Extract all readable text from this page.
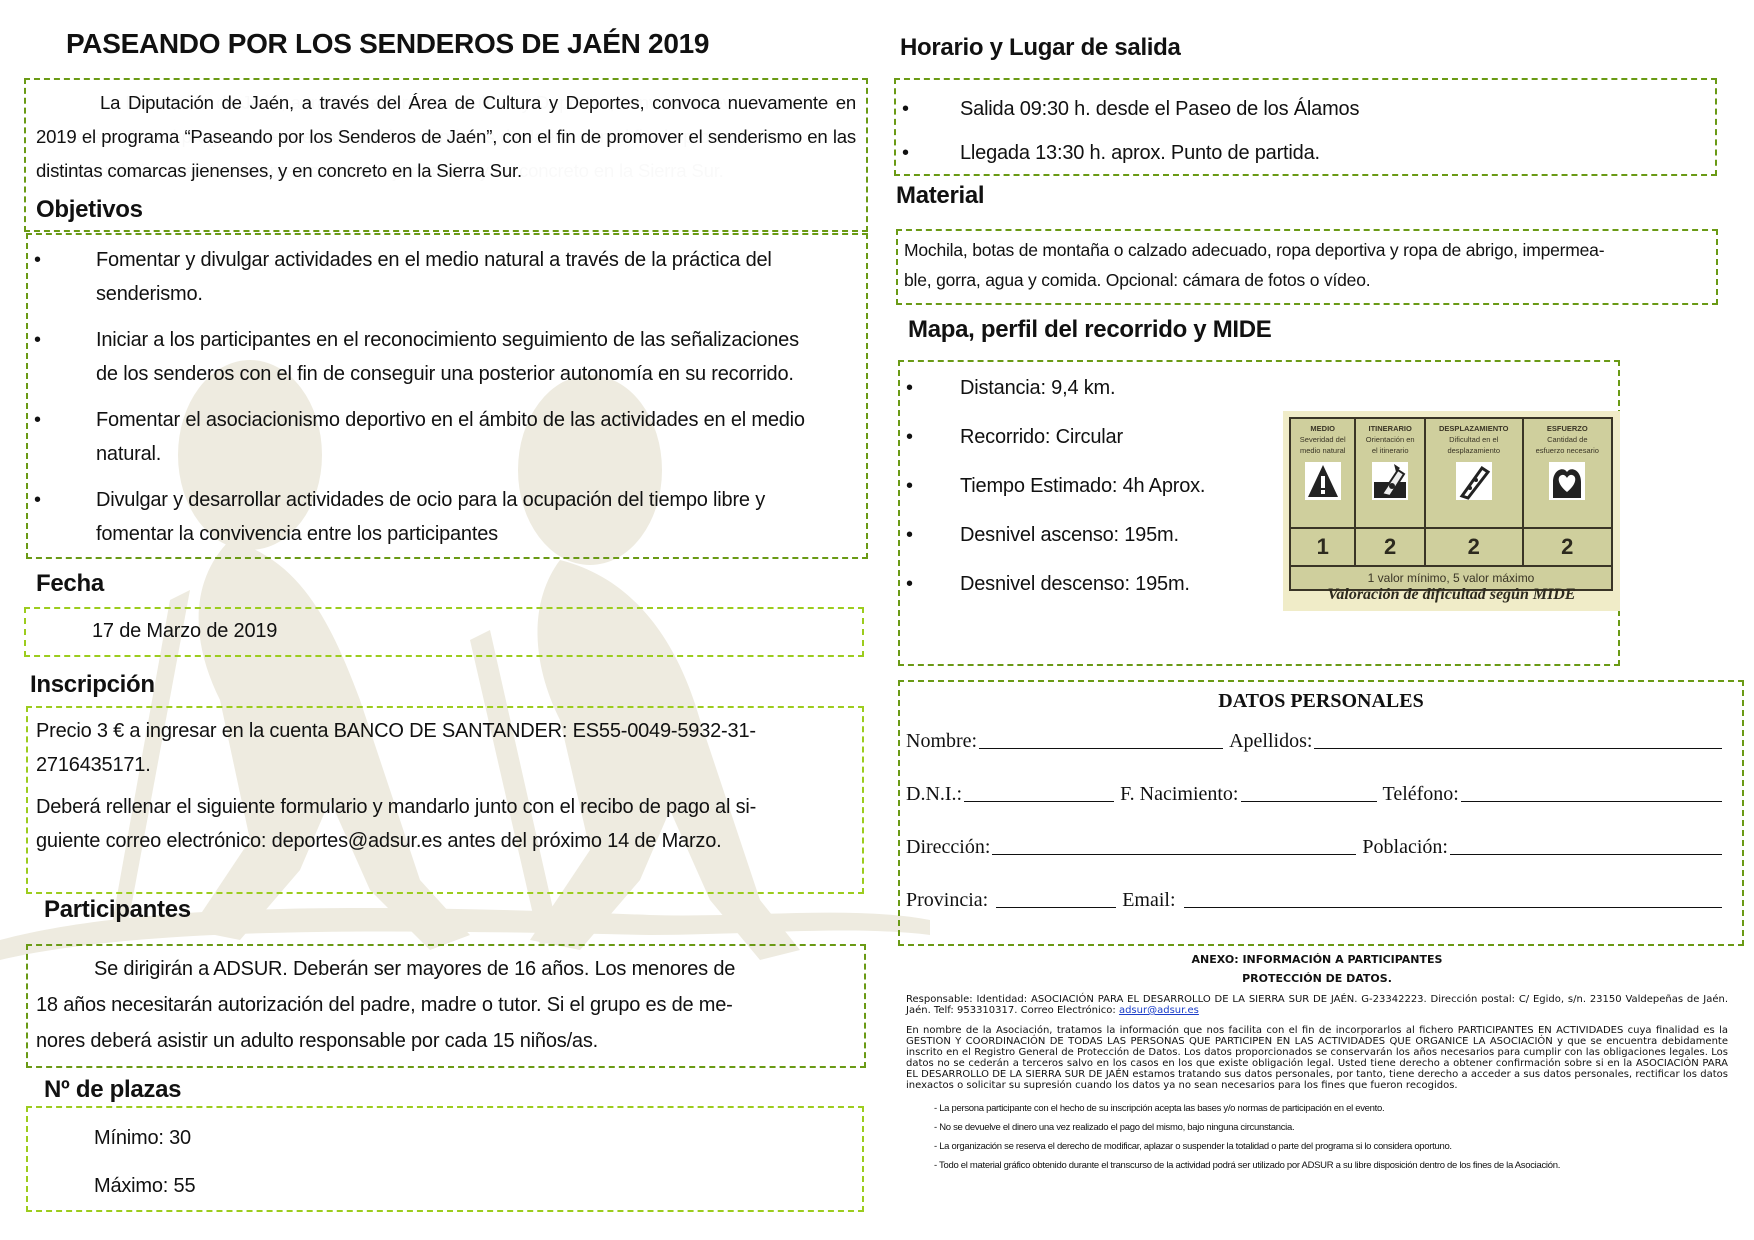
PASEANDO POR LOS SENDEROS DE JAÉN 2019

La Diputación de Jaén, a través del Área de Cultura y Deportes, convoca nuevamente en 2019 el programa “Paseando por los Senderos de Jaén”, con el fin de promover el senderismo en las distintas comarcas jienenses, y en concreto en la Sierra Sur.

Objetivos
• Fomentar y divulgar actividades en el medio natural a través de la práctica del
senderismo.
• Iniciar a los participantes en el reconocimiento seguimiento de las señalizaciones
de los senderos con el fin de conseguir una posterior autonomía en su recorrido.
• Fomentar el asociacionismo deportivo en el ámbito de las actividades en el medio
natural.
• Divulgar y desarrollar actividades de ocio para la ocupación del tiempo libre y
fomentar la convivencia entre los participantes
Fecha
17 de Marzo de 2019
Inscripción
Precio 3 € a ingresar en la cuenta BANCO DE SANTANDER: ES55-0049-5932-31-
2716435171.
Deberá rellenar el siguiente formulario y mandarlo junto con el recibo de pago al si-
guiente correo electrónico: deportes@adsur.es antes del próximo 14 de Marzo.
Participantes
Se dirigirán a ADSUR. Deberán ser mayores de 16 años. Los menores de
18 años necesitarán autorización del padre, madre o tutor. Si el grupo es de me-
nores deberá asistir un adulto responsable por cada 15 niños/as.
Nº de plazas
Mínimo: 30
Máximo: 55
Horario y Lugar de salida
• Salida 09:30 h. desde el Paseo de los Álamos
• Llegada 13:30 h. aprox. Punto de partida.
Material
Mochila, botas de montaña o calzado adecuado, ropa deportiva y ropa de abrigo, impermea-
ble, gorra, agua y comida. Opcional: cámara de fotos o vídeo.
Mapa, perfil del recorrido y MIDE
• Distancia: 9,4 km.
• Recorrido: Circular
• Tiempo Estimado: 4h Aprox.
• Desnivel ascenso: 195m.
• Desnivel descenso: 195m.
MEDIO
Severidad del
medio natural	ITINERARIO
Orientación en
el itinerario	DESPLAZAMIENTO
Dificultad en el
desplazamiento	ESFUERZO
Cantidad de
esfuerzo necesario

1	2	2	2
1 valor mínimo, 5 valor máximo			
Valoración de dificultad según MIDE
DATOS PERSONALES
Nombre:	Apellidos:
D.N.I.:	F. Nacimiento:	Teléfono:
Dirección:	Población:
Provincia:	Email:
ANEXO: INFORMACIÓN A PARTICIPANTES
PROTECCIÓN DE DATOS.

Responsable: Identidad: ASOCIACIÓN PARA EL DESARROLLO DE LA SIERRA SUR DE JAÉN. G-23342223. Dirección postal: C/ Egido, s/n. 23150 Valdepeñas de Jaén. Jaén. Telf: 953310317. Correo Electrónico: adsur@adsur.es

En nombre de la Asociación, tratamos la información que nos facilita con el fin de incorporarlos al fichero PARTICIPANTES EN ACTIVIDADES cuya finalidad es la GESTION Y COORDINACIÓN DE TODAS LAS PERSONAS QUE PARTICIPEN EN LAS ACTIVIDADES QUE ORGANICE LA ASOCIACIÓN y que se encuentra debidamente inscrito en el Registro General de Protección de Datos. Los datos proporcionados se conservarán los años necesarios para cumplir con las obligaciones legales. Los datos no se cederán a terceros salvo en los casos en los que existe obligación legal. Usted tiene derecho a obtener confirmación sobre si en la ASOCIACIÓN PARA EL DESARROLLO DE LA SIERRA SUR DE JAÉN estamos tratando sus datos personales, por tanto, tiene derecho a acceder a sus datos personales, rectificar los datos inexactos o solicitar su supresión cuando los datos ya no sean necesarios para los fines que fueron recogidos.

- La persona participante con el hecho de su inscripción acepta las bases y/o normas de participación en el evento.
- No se devuelve el dinero una vez realizado el pago del mismo, bajo ninguna circunstancia.
- La organización se reserva el derecho de modificar, aplazar o suspender la totalidad o parte del programa si lo considera oportuno.
- Todo el material gráfico obtenido durante el transcurso de la actividad podrá ser utilizado por ADSUR a su libre disposición dentro de los fines de la Asociación.
